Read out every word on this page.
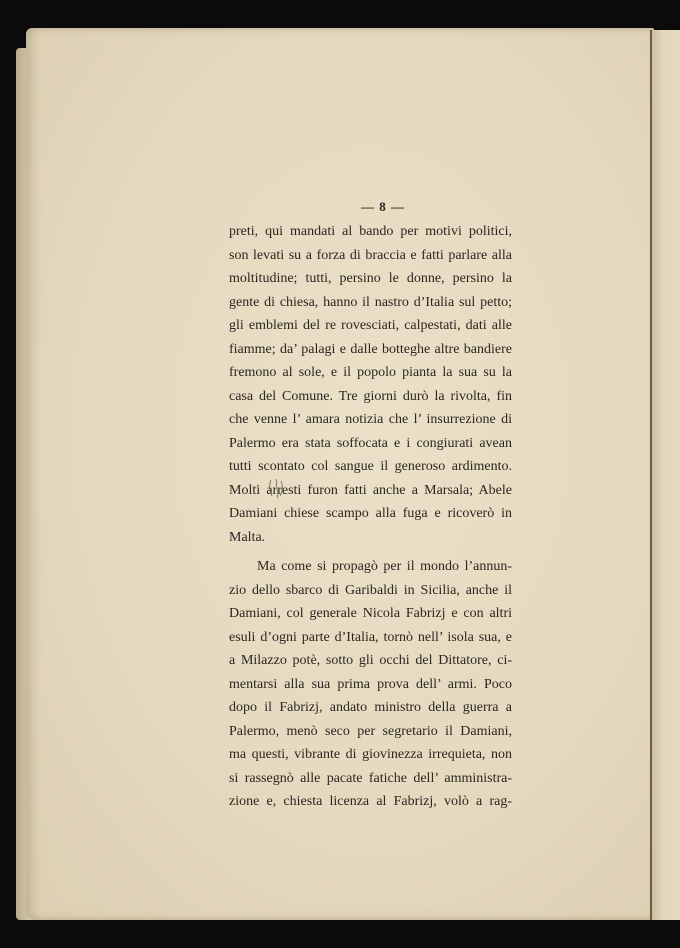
— 8 —
preti, qui mandati al bando per motivi politici,
son levati su a forza di braccia e fatti parlare alla
moltitudine; tutti, persino le donne, persino la
gente di chiesa, hanno il nastro d’Italia sul petto;
gli emblemi del re rovesciati, calpestati, dati alle
fiamme; da’ palagi e dalle botteghe altre bandiere
fremono al sole, e il popolo pianta la sua su la
casa del Comune. Tre giorni durò la rivolta, fin
che venne l’ amara notizia che l’ insurrezione di
Palermo era stata soffocata e i congiurati avean
tutti scontato col sangue il generoso ardimento.
Molti arresti furon fatti anche a Marsala; Abele
Damiani chiese scampo alla fuga e ricoverò in
Malta.
Ma come si propagò per il mondo l’annun-
zio dello sbarco di Garibaldi in Sicilia, anche il
Damiani, col generale Nicola Fabrizj e con altri
esuli d’ogni parte d’Italia, tornò nell’ isola sua, e
a Milazzo potè, sotto gli occhi del Dittatore, ci-
mentarsi alla sua prima prova dell’ armi. Poco
dopo il Fabrizj, andato ministro della guerra a
Palermo, menò seco per segretario il Damiani,
ma questi, vibrante di giovinezza irrequieta, non
si rassegnò alle pacate fatiche dell’ amministra-
zione e, chiesta licenza al Fabrizj, volò a rag-
